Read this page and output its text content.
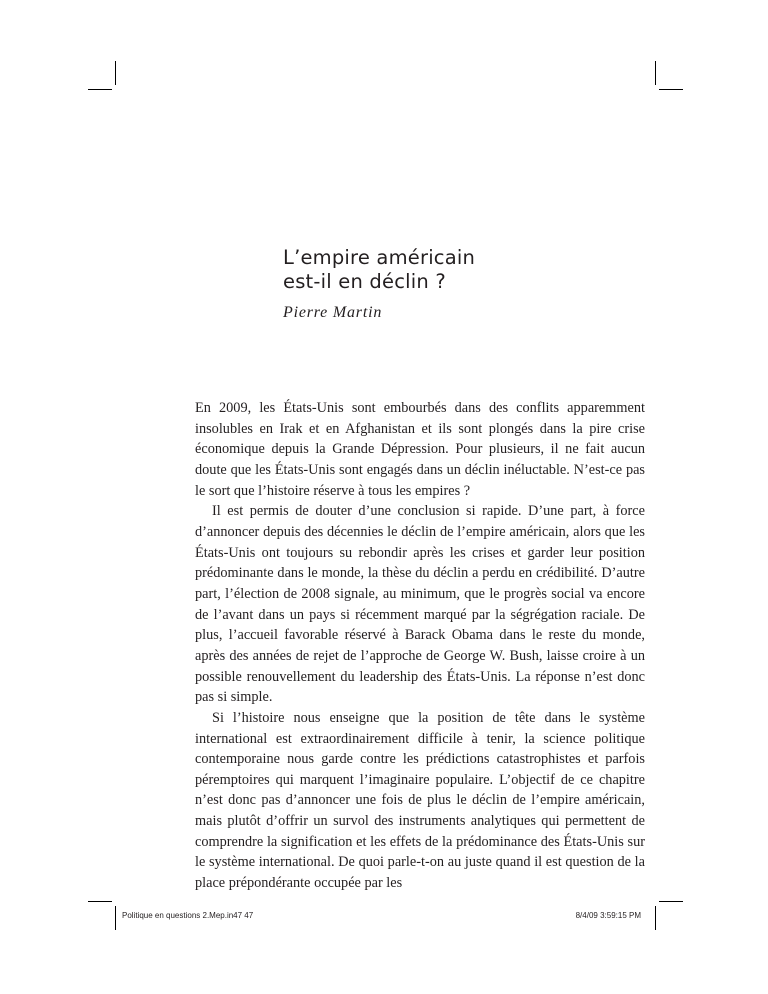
L’empire américain
est-il en déclin ?
Pierre Martin

En 2009, les États-Unis sont embourbés dans des conflits apparemment insolubles en Irak et en Afghanistan et ils sont plongés dans la pire crise économique depuis la Grande Dépression. Pour plusieurs, il ne fait aucun doute que les États-Unis sont engagés dans un déclin inéluctable. N’est-ce pas le sort que l’histoire réserve à tous les empires ?

Il est permis de douter d’une conclusion si rapide. D’une part, à force d’annoncer depuis des décennies le déclin de l’empire américain, alors que les États-Unis ont toujours su rebondir après les crises et garder leur position prédominante dans le monde, la thèse du déclin a perdu en crédibilité. D’autre part, l’élection de 2008 signale, au minimum, que le progrès social va encore de l’avant dans un pays si récemment marqué par la ségrégation raciale. De plus, l’accueil favorable réservé à Barack Obama dans le reste du monde, après des années de rejet de l’approche de George W. Bush, laisse croire à un possible renouvellement du leadership des États-Unis. La réponse n’est donc pas si simple.

Si l’histoire nous enseigne que la position de tête dans le système international est extraordinairement difficile à tenir, la science politique contemporaine nous garde contre les prédictions catastrophistes et parfois péremptoires qui marquent l’imaginaire populaire. L’objectif de ce chapitre n’est donc pas d’annoncer une fois de plus le déclin de l’empire américain, mais plutôt d’offrir un survol des instruments analytiques qui permettent de comprendre la signification et les effets de la prédominance des États-Unis sur le système international. De quoi parle-t-on au juste quand il est question de la place prépondérante occupée par les

Politique en questions 2.Mep.in47 47	8/4/09 3:59:15 PM
